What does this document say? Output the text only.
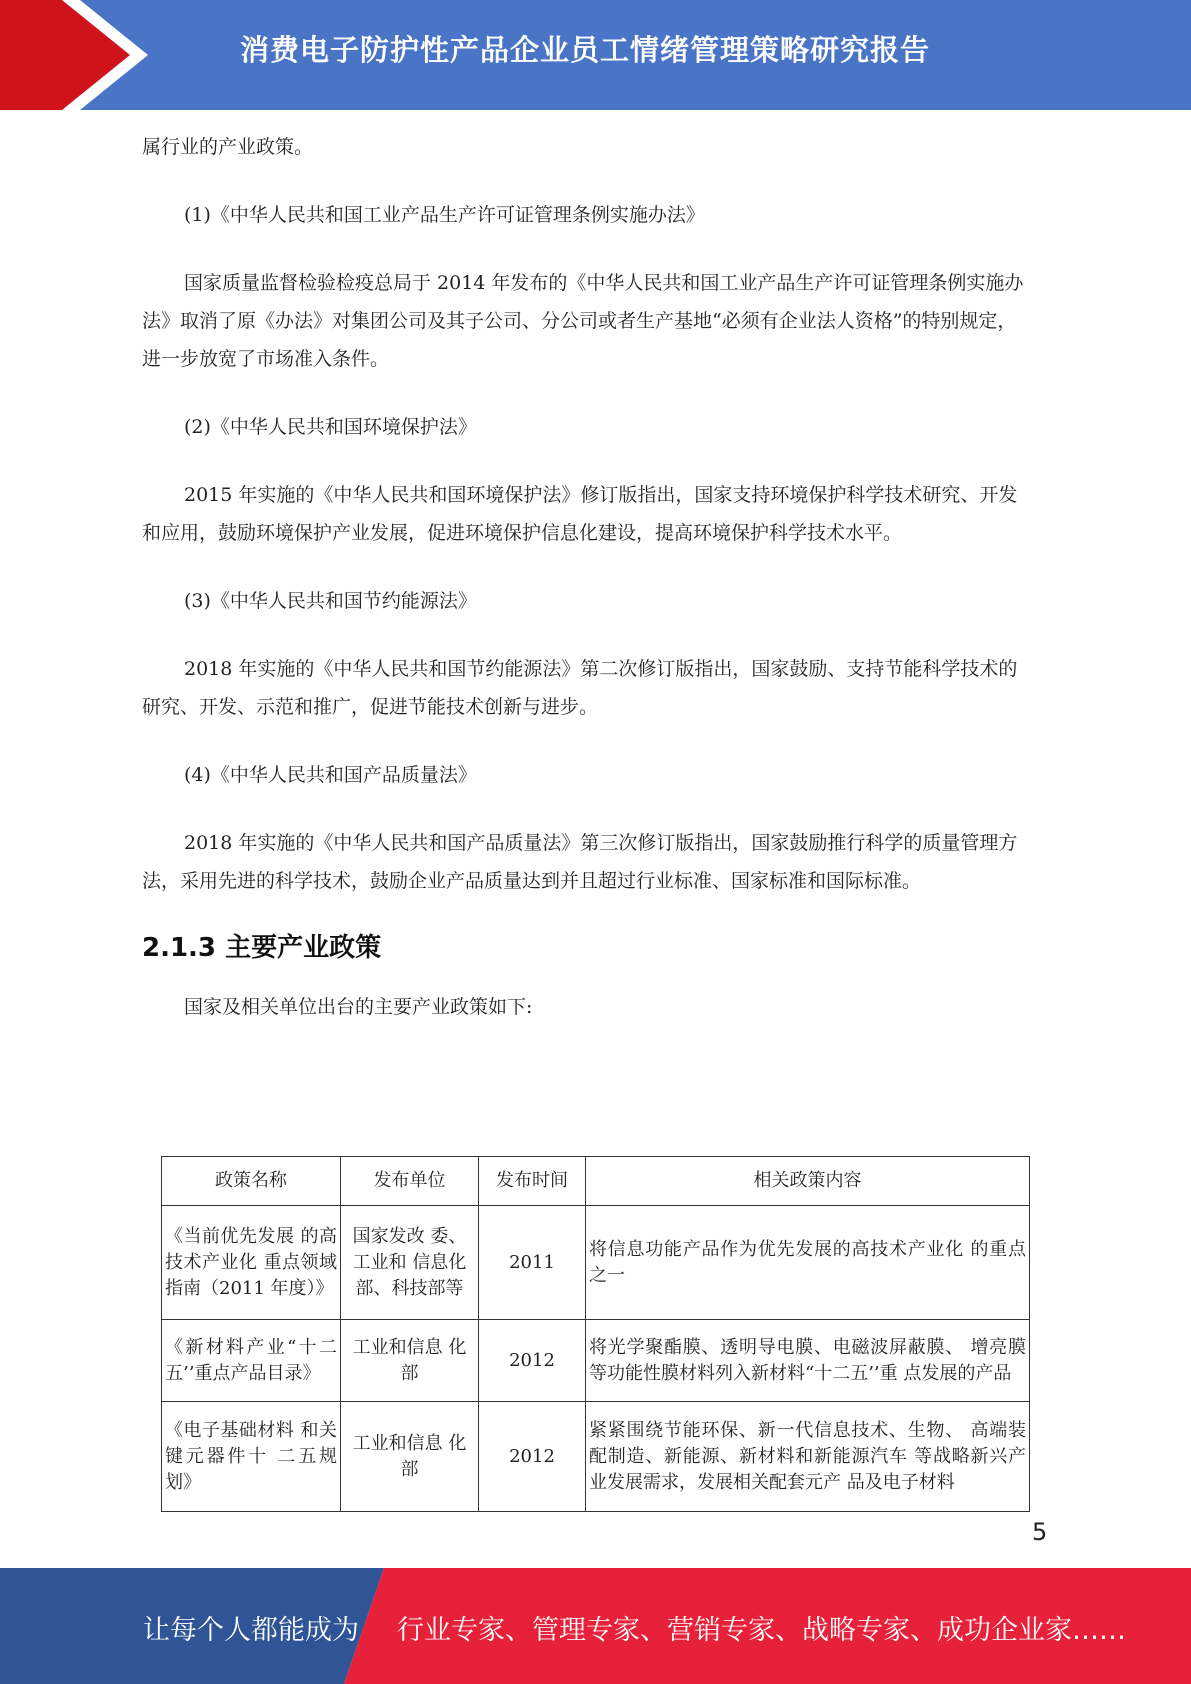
消费电子防护性产品企业员工情绪管理策略研究报告

属行业的产业政策。

(1)《中华人民共和国工业产品生产许可证管理条例实施办法》

国家质量监督检验检疫总局于 2014 年发布的《中华人民共和国工业产品生产许可证管理条例实施办法》取消了原《办法》对集团公司及其子公司、分公司或者生产基地“必须有企业法人资格”的特别规定，进一步放宽了市场准入条件。

(2)《中华人民共和国环境保护法》

2015 年实施的《中华人民共和国环境保护法》修订版指出，国家支持环境保护科学技术研究、开发和应用，鼓励环境保护产业发展，促进环境保护信息化建设，提高环境保护科学技术水平。

(3)《中华人民共和国节约能源法》

2018 年实施的《中华人民共和国节约能源法》第二次修订版指出，国家鼓励、支持节能科学技术的研究、开发、示范和推广，促进节能技术创新与进步。

(4)《中华人民共和国产品质量法》

2018 年实施的《中华人民共和国产品质量法》第三次修订版指出，国家鼓励推行科学的质量管理方法，采用先进的科学技术，鼓励企业产品质量达到并且超过行业标准、国家标准和国际标准。

2.1.3 主要产业政策

国家及相关单位出台的主要产业政策如下:

政策名称	发布单位	发布时间	相关政策内容
《当前优先发展 的高技术产业化 重点领域指南（2011 年度）》	国家发改 委、工业和 信息化部、科技部等	2011	将信息功能产品作为优先发展的高技术产业化 的重点之一
《新材料产业“十二五’’重点产品目录》	工业和信息 化部	2012	将光学聚酯膜、透明导电膜、电磁波屏蔽膜、 增亮膜等功能性膜材料列入新材料“十二五’’重 点发展的产品
《电子基础材料 和关键元器件十 二五规划》	工业和信息 化部	2012	紧紧围绕节能环保、新一代信息技术、生物、 高端装配制造、新能源、新材料和新能源汽车 等战略新兴产业发展需求，发展相关配套元产 品及电子材料
5
让每个人都能成为 行业专家、管理专家、营销专家、战略专家、成功企业家……
